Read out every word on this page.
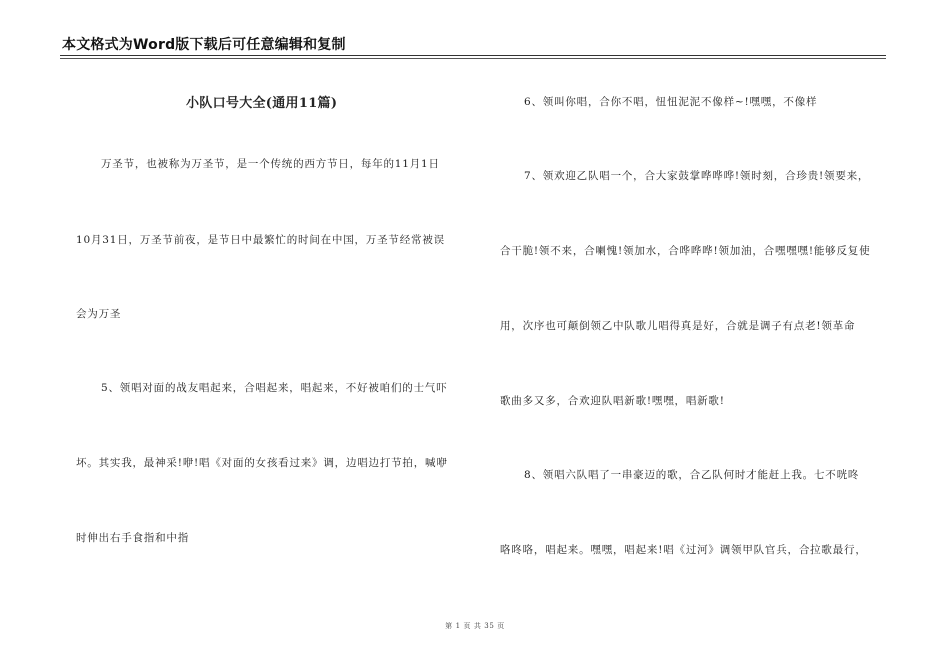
本文格式为Word版下载后可任意编辑和复制
小队口号大全(通用11篇)
万圣节，也被称为万圣节，是一个传统的西方节日，每年的11月1日
10月31日，万圣节前夜，是节日中最繁忙的时间在中国，万圣节经常被误
会为万圣
5、领唱对面的战友唱起来，合唱起来，唱起来，不好被咱们的士气吓
坏。其实我，最神采!咿!唱《对面的女孩看过来》调，边唱边打节拍，喊咿
时伸出右手食指和中指
6、领叫你唱，合你不唱，忸忸泥泥不像样~!嘿嘿，不像样
7、领欢迎乙队唱一个，合大家鼓掌哗哗哗!领时刻，合珍贵!领要来，
合干脆!领不来，合喇愧!领加水，合哗哗哗!领加油，合嘿嘿嘿!能够反复使
用，次序也可颠倒领乙中队歌儿唱得真是好，合就是调子有点老!领革命
歌曲多又多，合欢迎队唱新歌!嘿嘿，唱新歌!
8、领唱六队唱了一串豪迈的歌，合乙队何时才能赶上我。七不咣咚
咯咚咯，唱起来。嘿嘿，唱起来!唱《过河》调领甲队官兵，合拉歌最行，
第 1 页 共 35 页
